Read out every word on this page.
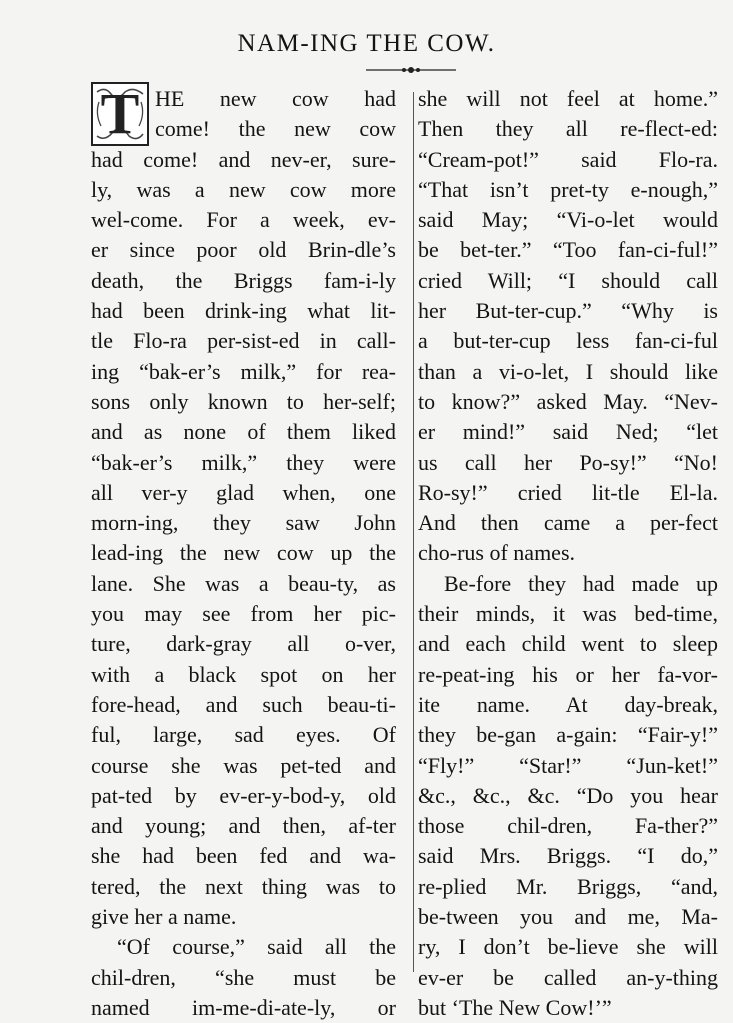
NAM-ING THE COW.
T HE new cow had
come! the new cow
had come! and nev-er, sure-
ly, was a new cow more
wel-come. For a week, ev-
er since poor old Brin-dle’s
death, the Briggs fam-i-ly
had been drink-ing what lit-
tle Flo-ra per-sist-ed in call-
ing “bak-er’s milk,” for rea-
sons only known to her-self;
and as none of them liked
“bak-er’s milk,” they were
all ver-y glad when, one
morn-ing, they saw John
lead-ing the new cow up the
lane. She was a beau-ty, as
you may see from her pic-
ture, dark-gray all o-ver,
with a black spot on her
fore-head, and such beau-ti-
ful, large, sad eyes. Of
course she was pet-ted and
pat-ted by ev-er-y-bod-y, old
and young; and then, af-ter
she had been fed and wa-
tered, the next thing was to
give her a name.
“Of course,” said all the
chil-dren, “she must be
named im-me-di-ate-ly, or
she will not feel at home.”
Then they all re-flect-ed:
“Cream-pot!” said Flo-ra.
“That isn’t pret-ty e-nough,”
said May; “Vi-o-let would
be bet-ter.” “Too fan-ci-ful!”
cried Will; “I should call
her But-ter-cup.” “Why is
a but-ter-cup less fan-ci-ful
than a vi-o-let, I should like
to know?” asked May. “Nev-
er mind!” said Ned; “let
us call her Po-sy!” “No!
Ro-sy!” cried lit-tle El-la.
And then came a per-fect
cho-rus of names.
Be-fore they had made up
their minds, it was bed-time,
and each child went to sleep
re-peat-ing his or her fa-vor-
ite name. At day-break,
they be-gan a-gain: “Fair-y!”
“Fly!” “Star!” “Jun-ket!”
&c., &c., &c. “Do you hear
those chil-dren, Fa-ther?”
said Mrs. Briggs. “I do,”
re-plied Mr. Briggs, “and,
be-tween you and me, Ma-
ry, I don’t be-lieve she will
ev-er be called an-y-thing
but ‘The New Cow!’”
